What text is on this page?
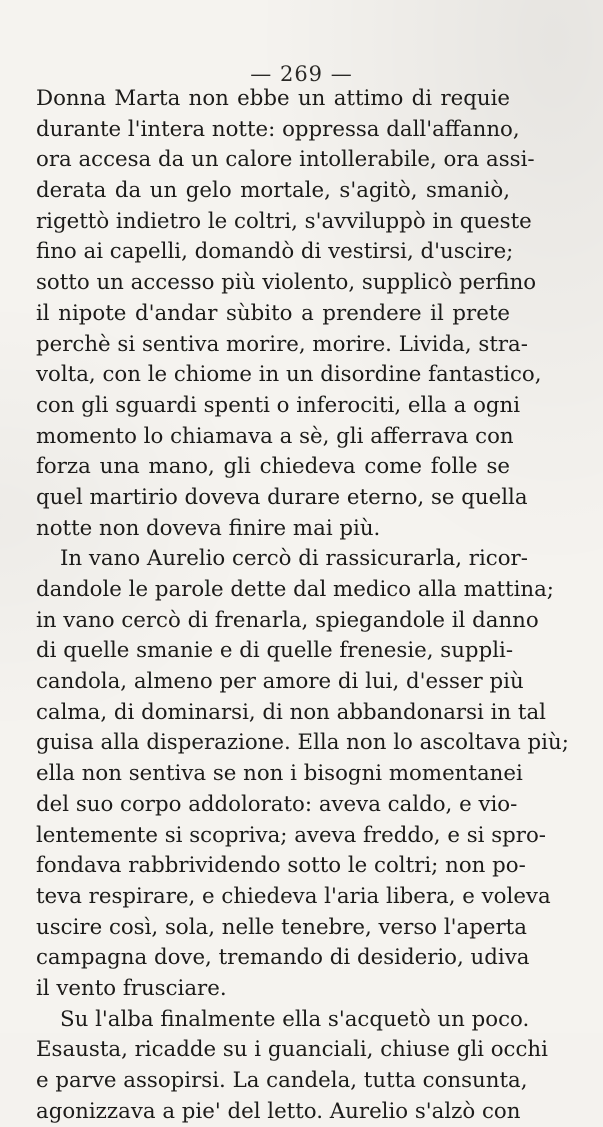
— 269 —
Donna Marta non ebbe un attimo di requie
durante l'intera notte: oppressa dall'affanno,
ora accesa da un calore intollerabile, ora assi-
derata da un gelo mortale, s'agitò, smaniò,
rigettò indietro le coltri, s'avviluppò in queste
fino ai capelli, domandò di vestirsi, d'uscire;
sotto un accesso più violento, supplicò perfino
il nipote d'andar sùbito a prendere il prete
perchè si sentiva morire, morire. Livida, stra-
volta, con le chiome in un disordine fantastico,
con gli sguardi spenti o inferociti, ella a ogni
momento lo chiamava a sè, gli afferrava con
forza una mano, gli chiedeva come folle se
quel martirio doveva durare eterno, se quella
notte non doveva finire mai più.
In vano Aurelio cercò di rassicurarla, ricor-
dandole le parole dette dal medico alla mattina;
in vano cercò di frenarla, spiegandole il danno
di quelle smanie e di quelle frenesie, suppli-
candola, almeno per amore di lui, d'esser più
calma, di dominarsi, di non abbandonarsi in tal
guisa alla disperazione. Ella non lo ascoltava più;
ella non sentiva se non i bisogni momentanei
del suo corpo addolorato: aveva caldo, e vio-
lentemente si scopriva; aveva freddo, e si spro-
fondava rabbrividendo sotto le coltri; non po-
teva respirare, e chiedeva l'aria libera, e voleva
uscire così, sola, nelle tenebre, verso l'aperta
campagna dove, tremando di desiderio, udiva
il vento frusciare.
Su l'alba finalmente ella s'acquetò un poco.
Esausta, ricadde su i guanciali, chiuse gli occhi
e parve assopirsi. La candela, tutta consunta,
agonizzava a pie' del letto. Aurelio s'alzò con
